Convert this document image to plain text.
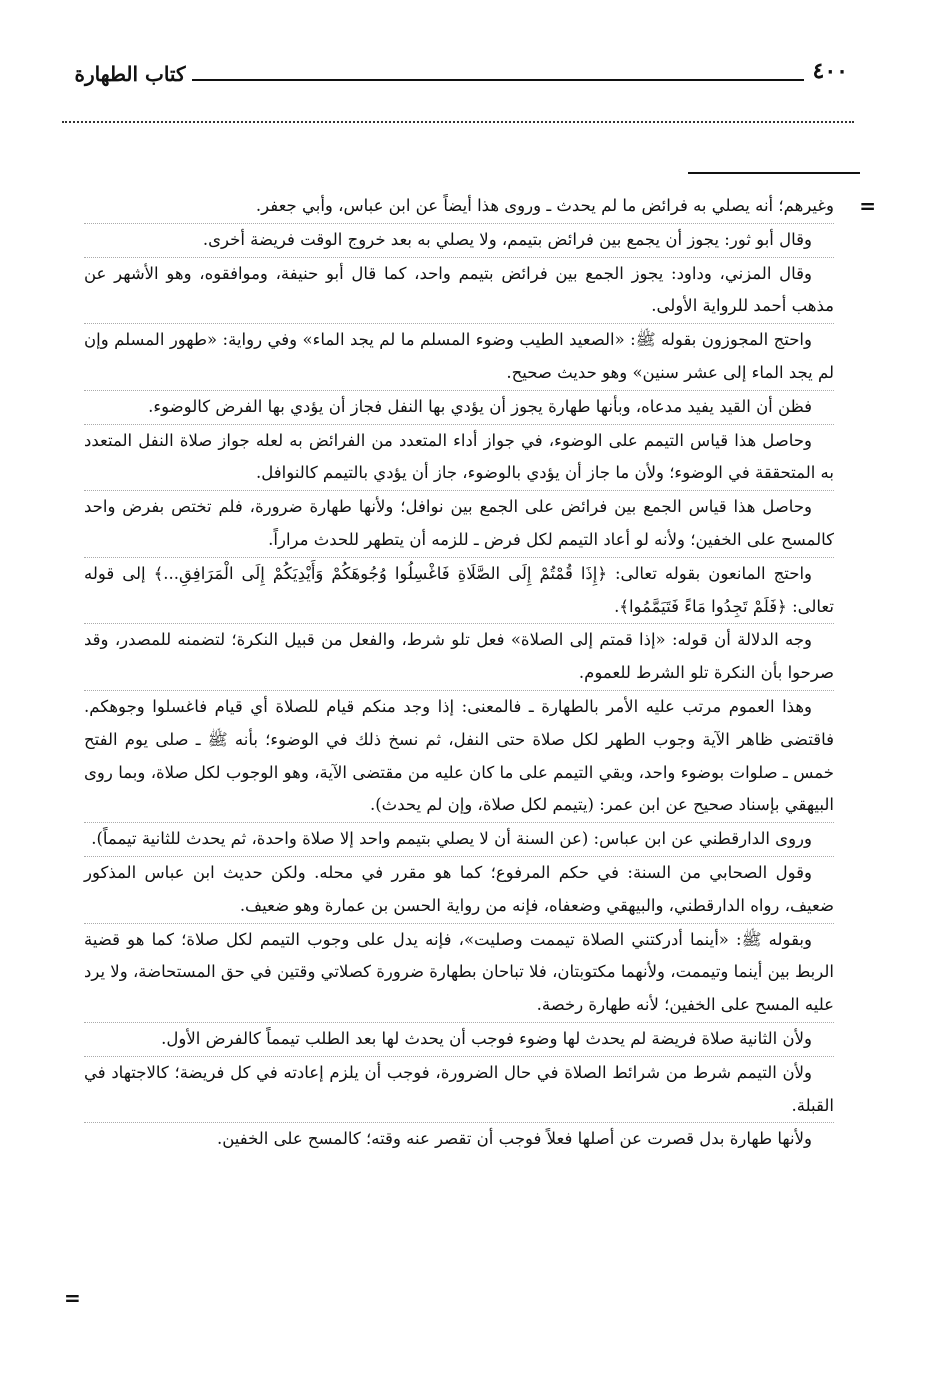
٤٠٠
كتاب الطهارة
=

وغيرهم؛ أنه يصلي به فرائض ما لم يحدث ـ وروى هذا أيضاً عن ابن عباس، وأبي جعفر.

وقال أبو ثور: يجوز أن يجمع بين فرائض بتيمم، ولا يصلي به بعد خروج الوقت فريضة أخرى.

وقال المزني، وداود: يجوز الجمع بين فرائض بتيمم واحد، كما قال أبو حنيفة، وموافقوه، وهو الأشهر عن مذهب أحمد للرواية الأولى.

واحتج المجوزون بقوله ﷺ: «الصعيد الطيب وضوء المسلم ما لم يجد الماء» وفي رواية: «طهور المسلم وإن لم يجد الماء إلى عشر سنين» وهو حديث صحيح.

فظن أن القيد يفيد مدعاه، وبأنها طهارة يجوز أن يؤدي بها النفل فجاز أن يؤدي بها الفرض كالوضوء.

وحاصل هذا قياس التيمم على الوضوء، في جواز أداء المتعدد من الفرائض به لعله جواز صلاة النفل المتعدد به المتحققة في الوضوء؛ ولأن ما جاز أن يؤدي بالوضوء، جاز أن يؤدي بالتيمم كالنوافل.

وحاصل هذا قياس الجمع بين فرائض على الجمع بين نوافل؛ ولأنها طهارة ضرورة، فلم تختص بفرض واحد كالمسح على الخفين؛ ولأنه لو أعاد التيمم لكل فرض ـ للزمه أن يتطهر للحدث مراراً.

واحتج المانعون بقوله تعالى: ﴿إِذَا قُمْتُمْ إِلَى الصَّلَاةِ فَاغْسِلُوا وُجُوهَكُمْ وَأَيْدِيَكُمْ إِلَى الْمَرَافِقِ...﴾ إلى قوله تعالى: ﴿فَلَمْ تَجِدُوا مَاءً فَتَيَمَّمُوا﴾.

وجه الدلالة أن قوله: «إذا قمتم إلى الصلاة» فعل تلو شرط، والفعل من قبيل النكرة؛ لتضمنه للمصدر، وقد صرحوا بأن النكرة تلو الشرط للعموم.

وهذا العموم مرتب عليه الأمر بالطهارة ـ فالمعنى: إذا وجد منكم قيام للصلاة أي قيام فاغسلوا وجوهكم. فاقتضى ظاهر الآية وجوب الطهر لكل صلاة حتى النفل، ثم نسخ ذلك في الوضوء؛ بأنه ﷺ ـ صلى يوم الفتح خمس ـ صلوات بوضوء واحد، وبقي التيمم على ما كان عليه من مقتضى الآية، وهو الوجوب لكل صلاة، وبما روى البيهقي بإسناد صحيح عن ابن عمر: (يتيمم لكل صلاة، وإن لم يحدث).

وروى الدارقطني عن ابن عباس: (عن السنة أن لا يصلي بتيمم واحد إلا صلاة واحدة، ثم يحدث للثانية تيمماً).

وقول الصحابي من السنة: في حكم المرفوع؛ كما هو مقرر في محله. ولكن حديث ابن عباس المذكور ضعيف، رواه الدارقطني، والبيهقي وضعفاه، فإنه من رواية الحسن بن عمارة وهو ضعيف.

وبقوله ﷺ: «أينما أدركتني الصلاة تيممت وصليت»، فإنه يدل على وجوب التيمم لكل صلاة؛ كما هو قضية الربط بين أينما وتيممت، ولأنهما مكتوبتان، فلا تباحان بطهارة ضرورة كصلاتي وقتين في حق المستحاضة، ولا يرد عليه المسح على الخفين؛ لأنه طهارة رخصة.

ولأن الثانية صلاة فريضة لم يحدث لها وضوء فوجب أن يحدث لها بعد الطلب تيمماً كالفرض الأول.

ولأن التيمم شرط من شرائط الصلاة في حال الضرورة، فوجب أن يلزم إعادته في كل فريضة؛ كالاجتهاد في القبلة.

ولأنها طهارة بدل قصرت عن أصلها فعلاً فوجب أن تقصر عنه وقته؛ كالمسح على الخفين.

=
